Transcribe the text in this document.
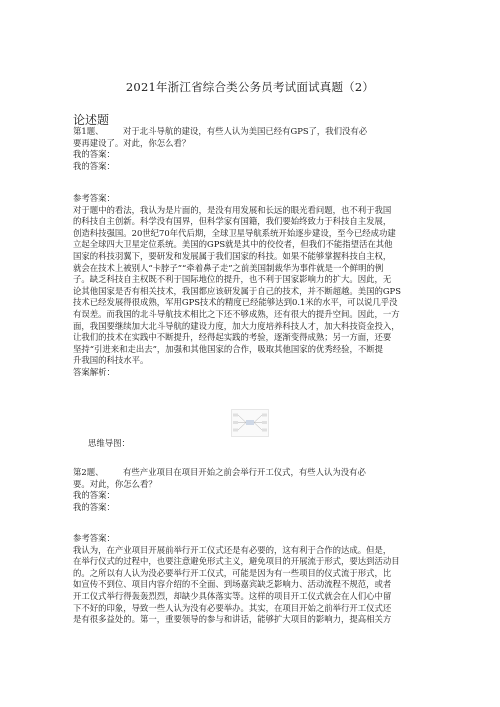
2021年浙江省综合类公务员考试面试真题（2）
论述题

第1题、 对于北斗导航的建设，有些人认为美国已经有GPS了，我们没有必

要再建设了。对此，你怎么看？

我的答案：

我的答案：

参考答案：

对于题中的看法，我认为是片面的，是没有用发展和长远的眼光看问题，也不利于我国

的科技自主创新。科学没有国界，但科学家有国籍，我们要始终致力于科技自主发展，

创造科技强国。20世纪70年代后期，全球卫星导航系统开始逐步建设，至今已经成功建

立起全球四大卫星定位系统。美国的GPS就是其中的佼佼者，但我们不能指望活在其他

国家的科技羽翼下，要研发和发展属于我们国家的科技。如果不能够掌握科技自主权，

就会在技术上被别人“卡脖子”“牵着鼻子走”之前美国制裁华为事件就是一个鲜明的例

子。缺乏科技自主权既不利于国际地位的提升，也不利于国家影响力的扩大。因此，无

论其他国家是否有相关技术，我国都应该研发属于自己的技术，并不断超越。美国的GPS

技术已经发展得很成熟，军用GPS技术的精度已经能够达到0.1米的水平，可以说几乎没

有误差。而我国的北斗导航技术相比之下还不够成熟，还有很大的提升空间。因此，一方

面，我国要继续加大北斗导航的建设力度，加大力度培养科技人才，加大科技资金投入，

让我们的技术在实践中不断提升，经得起实践的考验，逐渐变得成熟；另一方面，还要

坚持“引进来和走出去”，加强和其他国家的合作，吸取其他国家的优秀经验，不断提

升我国的科技水平。

答案解析：

思维导图：

第2题、 有些产业项目在项目开始之前会举行开工仪式，有些人认为没有必

要。对此，你怎么看？

我的答案：

我的答案：

参考答案：

我认为，在产业项目开展前举行开工仪式还是有必要的，这有利于合作的达成。但是，

在举行仪式的过程中，也要注意避免形式主义，避免项目的开展流于形式，要达到活动目

的。之所以有人认为没必要举行开工仪式，可能是因为有一些项目的仪式流于形式，比

如宣传不到位、项目内容介绍的不全面、到场嘉宾缺乏影响力、活动流程不规范，或者

开工仪式举行得轰轰烈烈，却缺少具体落实等。这样的项目开工仪式就会在人们心中留

下不好的印象，导致一些人认为没有必要举办。其实，在项目开始之前举行开工仪式还

是有很多益处的。第一，重要领导的参与和讲话，能够扩大项目的影响力，提高相关方
